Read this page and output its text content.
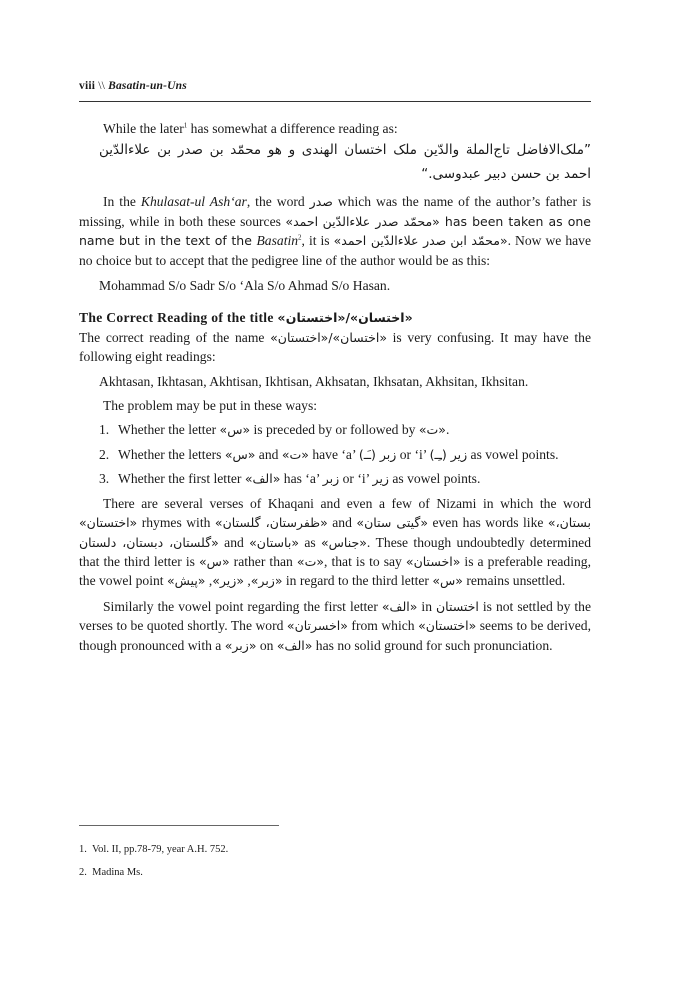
viii \\ Basatin-un-Uns

While the later$^1$ has somewhat a difference reading as:

”ملک‌الافاضل تاج‌الملة والدّین ملک اختسان الهندی و هو محمّد بن صدر بن علاءالدّین
احمد بن حسن دبیر عبدوسی.“

In the Khulasat-ul Ash‘ar, the word صدر which was the name of the author’s father is missing, while in both these sources «محمّد صدر علاءالدّین احمد» has been taken as one name but in the text of the Basatin$^2$, it is «محمّد ابن صدر علاءالدّین احمد». Now we have no choice but to accept that the pedigree line of the author would be as this:

Mohammad S/o Sadr S/o ‘Ala S/o Ahmad S/o Hasan.

The Correct Reading of the title «اختسان»/«اختستان»

The correct reading of the name «اختسان»/«اختستان» is very confusing. It may have the following eight readings:

Akhtasan, Ikhtasan, Akhtisan, Ikhtisan, Akhsatan, Ikhsatan, Akhsitan, Ikhsitan.

The problem may be put in these ways:

1. Whether the letter «س» is preceded by or followed by «ت».
2. Whether the letters «س» and «ت» have ‘a’ زبر (ـَـ) or ‘i’ زیر (ـِـ) as vowel points.
3. Whether the first letter «الف» has ‘a’ زبر or ‘i’ زیر as vowel points.

There are several verses of Khaqani and even a few of Nizami in which the word «اختستان» rhymes with «ظفرستان، گلستان» and «گیتی ستان» even has words like «بستان، گلستان، دبستان، دلستان» and «باستان» as «جناس». These though undoubtedly determined that the third letter is «س» rather than «ت», that is to say «اخستان» is a preferable reading, the vowel point «زبر», «زیر», «پیش» in regard to the third letter «س» remains unsettled.

Similarly the vowel point regarding the first letter «الف» in اختستان is not settled by the verses to be quoted shortly. The word «اخسرتان» from which «اختستان» seems to be derived, though pronounced with a «زبر» on «الف» has no solid ground for such pronunciation.

1. Vol. II, pp.78-79, year A.H. 752.
2. Madina Ms.
